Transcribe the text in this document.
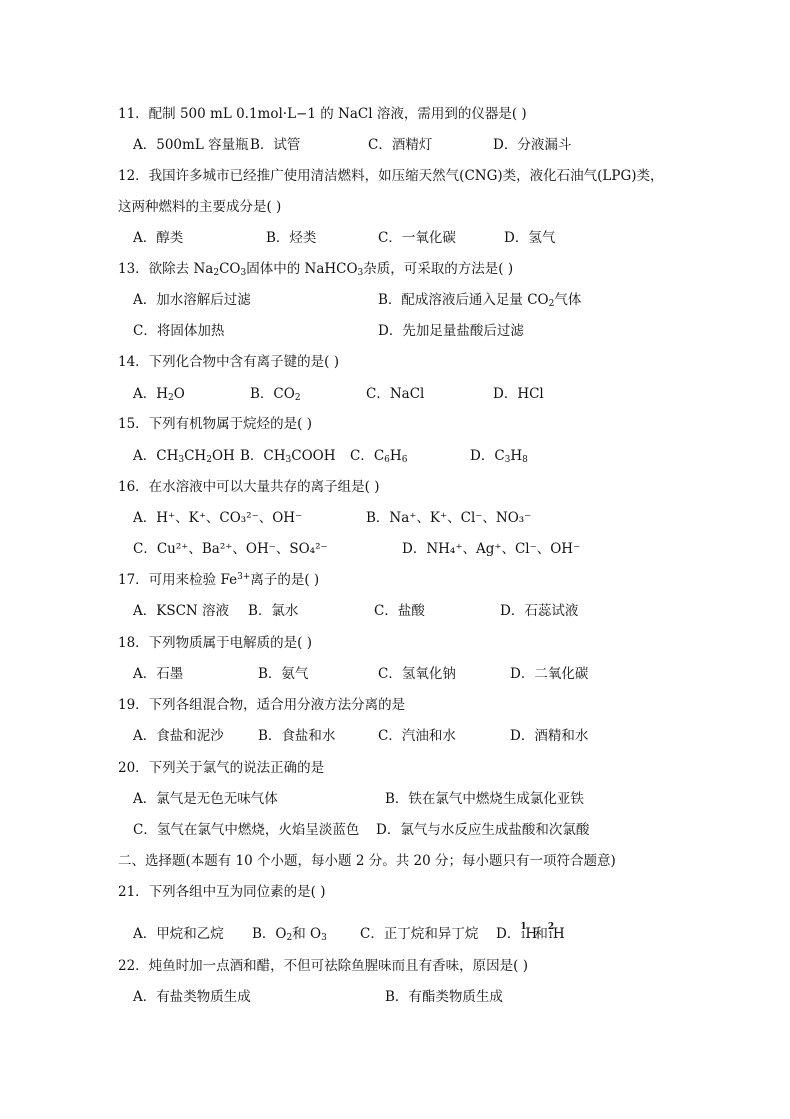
11．配制 500 mL 0.1mol·L−1 的 NaCl 溶液，需用到的仪器是( )
A．500mL 容量瓶 B．试管	C．酒精灯	D．分液漏斗
12．我国许多城市已经推广使用清洁燃料，如压缩天然气(CNG)类，液化石油气(LPG)类，
这两种燃料的主要成分是( )
A．醇类	B．烃类	C．一氧化碳	D．氢气
13．欲除去 $Na_2CO_3$固体中的 NaHCO$_3$杂质，可采取的方法是( )
A．加水溶解后过滤	B．配成溶液后通入足量 $CO_2$气体
C．将固体加热	D．先加足量盐酸后过滤
14．下列化合物中含有离子键的是( )
A．$H_2O$	B．$CO_2$	C．NaCl	D．HCl
15．下列有机物属于烷烃的是( )
A．$CH_3CH_2OH$ B．$CH_3COOH$ C．$C_6H_6$	D．$C_3H_8$
16．在水溶液中可以大量共存的离子组是( )
A．H⁺、K⁺、CO₃²⁻、OH⁻	B．Na⁺、K⁺、Cl⁻、NO₃⁻
C．Cu²⁺、Ba²⁺、OH⁻、SO₄²⁻	D．NH₄⁺、Ag⁺、Cl⁻、OH⁻
17．可用来检验 $Fe^{3+}$离子的是( )
A．KSCN 溶液 B．氯水	C．盐酸	D．石蕊试液
18．下列物质属于电解质的是( )
A．石墨	B．氨气	C．氢氧化钠	D．二氧化碳
19．下列各组混合物，适合用分液方法分离的是
A．食盐和泥沙	B．食盐和水	C．汽油和水	D．酒精和水
20．下列关于氯气的说法正确的是
A．氯气是无色无味气体	B．铁在氯气中燃烧生成氯化亚铁
C．氢气在氯气中燃烧，火焰呈淡蓝色 D．氯气与水反应生成盐酸和次氯酸
二、选择题(本题有 10 个小题，每小题 2 分。共 20 分；每小题只有一项符合题意)
21．下列各组中互为同位素的是( )
A．甲烷和乙烷 B．$O_2$和 $O_3$ C．正丁烷和异丁烷 D． 1
1 H
和 2
1 H
22．炖鱼时加一点酒和醋，不但可祛除鱼腥味而且有香味，原因是( )
A．有盐类物质生成	B．有酯类物质生成
